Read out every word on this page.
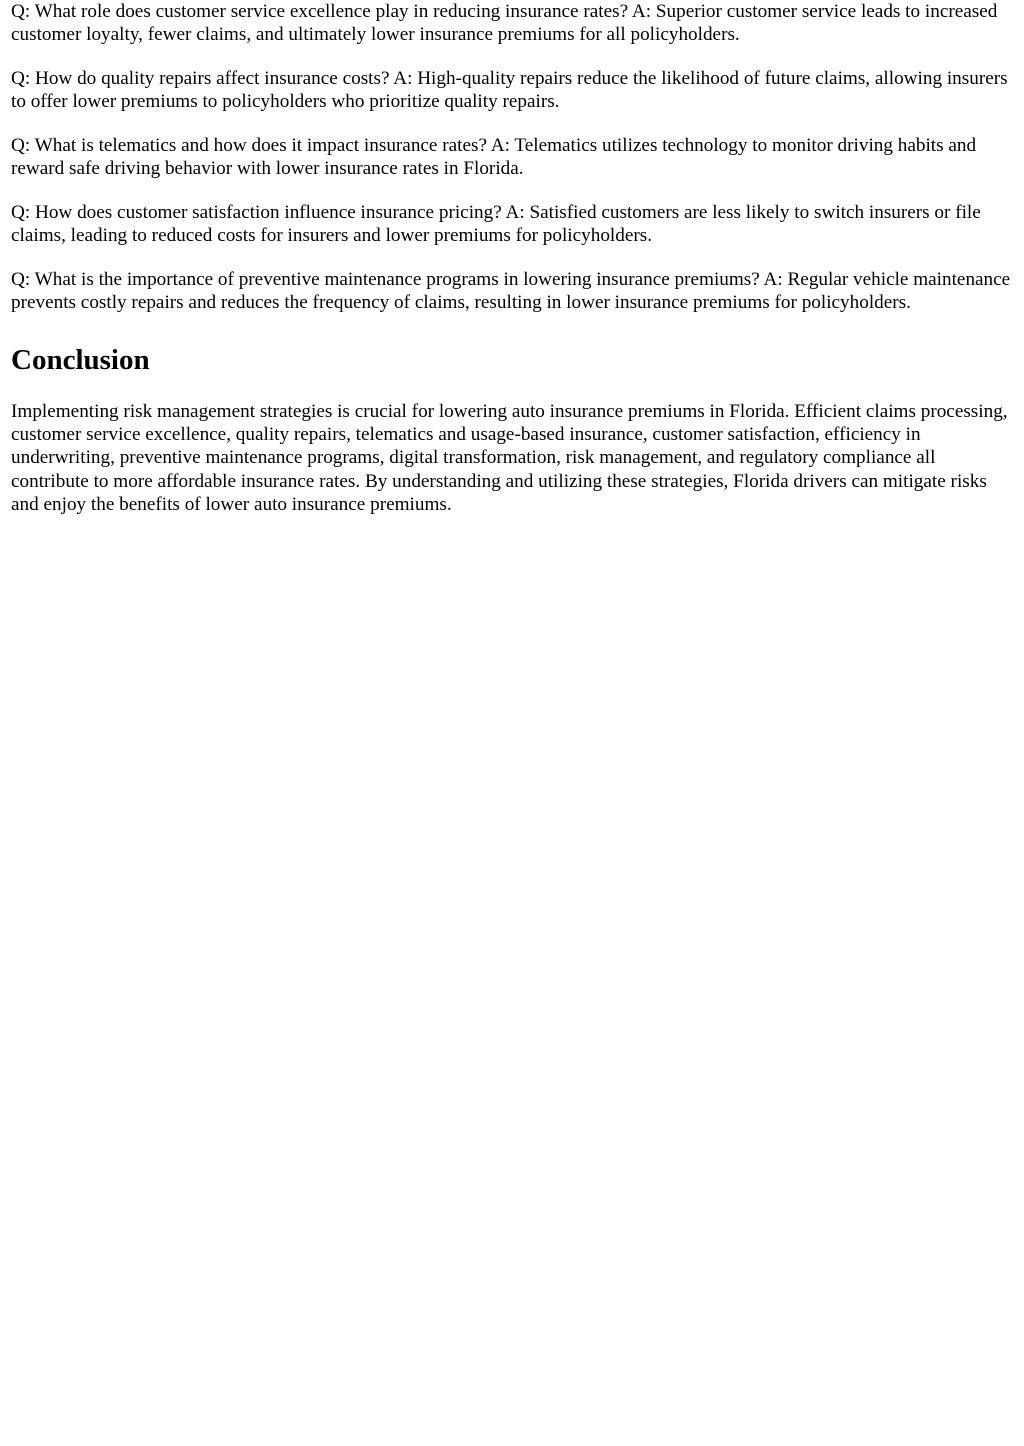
Q: What role does customer service excellence play in reducing insurance rates? A: Superior customer service leads to increased customer loyalty, fewer claims, and ultimately lower insurance premiums for all policyholders.

Q: How do quality repairs affect insurance costs? A: High-quality repairs reduce the likelihood of future claims, allowing insurers to offer lower premiums to policyholders who prioritize quality repairs.

Q: What is telematics and how does it impact insurance rates? A: Telematics utilizes technology to monitor driving habits and reward safe driving behavior with lower insurance rates in Florida.

Q: How does customer satisfaction influence insurance pricing? A: Satisfied customers are less likely to switch insurers or file claims, leading to reduced costs for insurers and lower premiums for policyholders.

Q: What is the importance of preventive maintenance programs in lowering insurance premiums? A: Regular vehicle maintenance prevents costly repairs and reduces the frequency of claims, resulting in lower insurance premiums for policyholders.

Conclusion

Implementing risk management strategies is crucial for lowering auto insurance premiums in Florida. Efficient claims processing, customer service excellence, quality repairs, telematics and usage-based insurance, customer satisfaction, efficiency in underwriting, preventive maintenance programs, digital transformation, risk management, and regulatory compliance all contribute to more affordable insurance rates. By understanding and utilizing these strategies, Florida drivers can mitigate risks and enjoy the benefits of lower auto insurance premiums.
